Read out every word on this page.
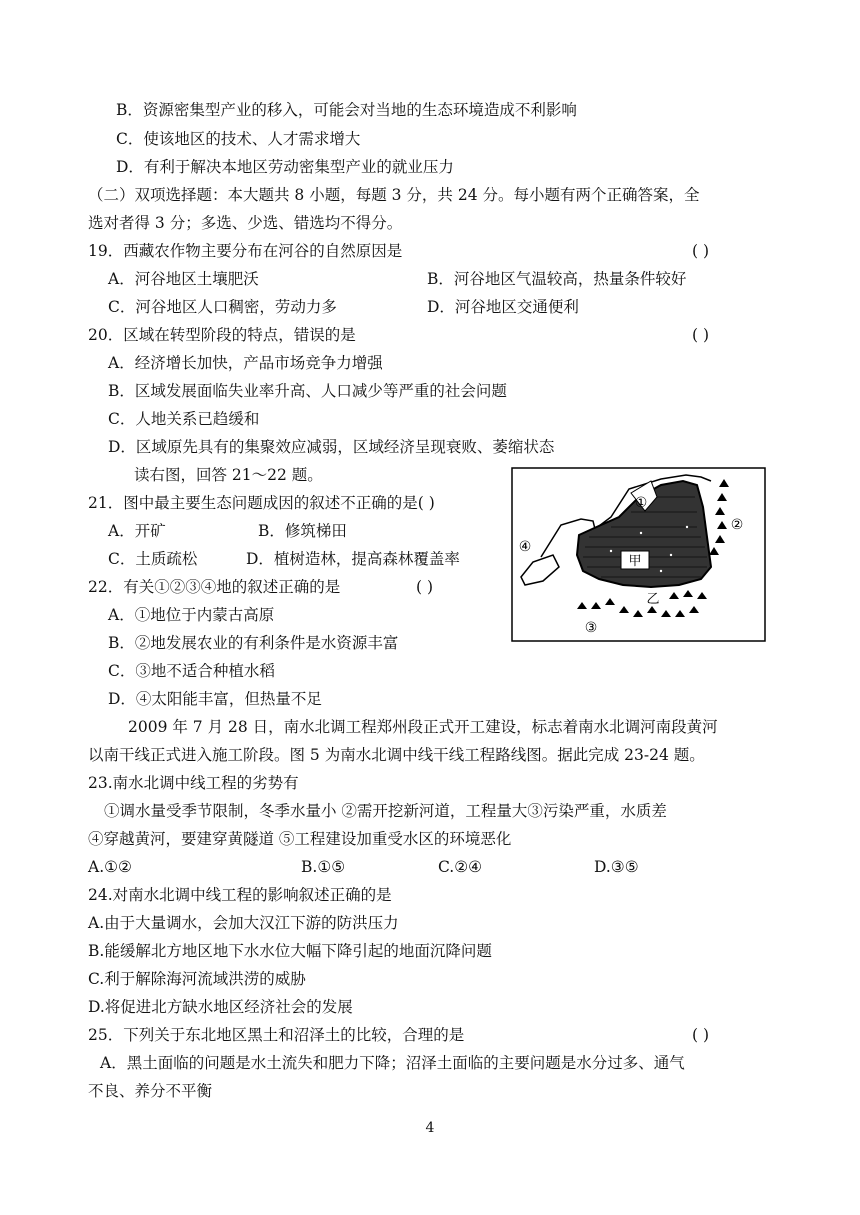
B．资源密集型产业的移入，可能会对当地的生态环境造成不利影响
C．使该地区的技术、人才需求增大
D．有利于解决本地区劳动密集型产业的就业压力
（二）双项选择题：本大题共 8 小题，每题 3 分，共 24 分。每小题有两个正确答案，全
选对者得 3 分；多选、少选、错选均不得分。
19．西藏农作物主要分布在河谷的自然原因是	( )
A．河谷地区土壤肥沃	B．河谷地区气温较高，热量条件较好
C．河谷地区人口稠密，劳动力多	D．河谷地区交通便利
20．区域在转型阶段的特点，错误的是	( )
A．经济增长加快，产品市场竞争力增强
B．区域发展面临失业率升高、人口减少等严重的社会问题
C．人地关系已趋缓和
D．区域原先具有的集聚效应减弱，区域经济呈现衰败、萎缩状态
读右图，回答 21～22 题。
21．图中最主要生态问题成因的叙述不正确的是( )
A．开矿	B．修筑梯田
C．土质疏松	D．植树造林，提高森林覆盖率
22．有关①②③④地的叙述正确的是	( )
A．①地位于内蒙古高原
B．②地发展农业的有利条件是水资源丰富
C．③地不适合种植水稻
D．④太阳能丰富，但热量不足
甲
①
②
乙
③
④
2009 年 7 月 28 日，南水北调工程郑州段正式开工建设，标志着南水北调河南段黄河
以南干线正式进入施工阶段。图 5 为南水北调中线干线工程路线图。据此完成 23-24 题。
23.南水北调中线工程的劣势有
①调水量受季节限制，冬季水量小 ②需开挖新河道，工程量大③污染严重，水质差
④穿越黄河，要建穿黄隧道 ⑤工程建设加重受水区的环境恶化
A.①②	B.①⑤	C.②④	D.③⑤
24.对南水北调中线工程的影响叙述正确的是
A.由于大量调水，会加大汉江下游的防洪压力
B.能缓解北方地区地下水水位大幅下降引起的地面沉降问题
C.利于解除海河流域洪涝的威胁
D.将促进北方缺水地区经济社会的发展
25．下列关于东北地区黑土和沼泽土的比较，合理的是	( )
A．黑土面临的问题是水土流失和肥力下降；沼泽土面临的主要问题是水分过多、通气
不良、养分不平衡
4
